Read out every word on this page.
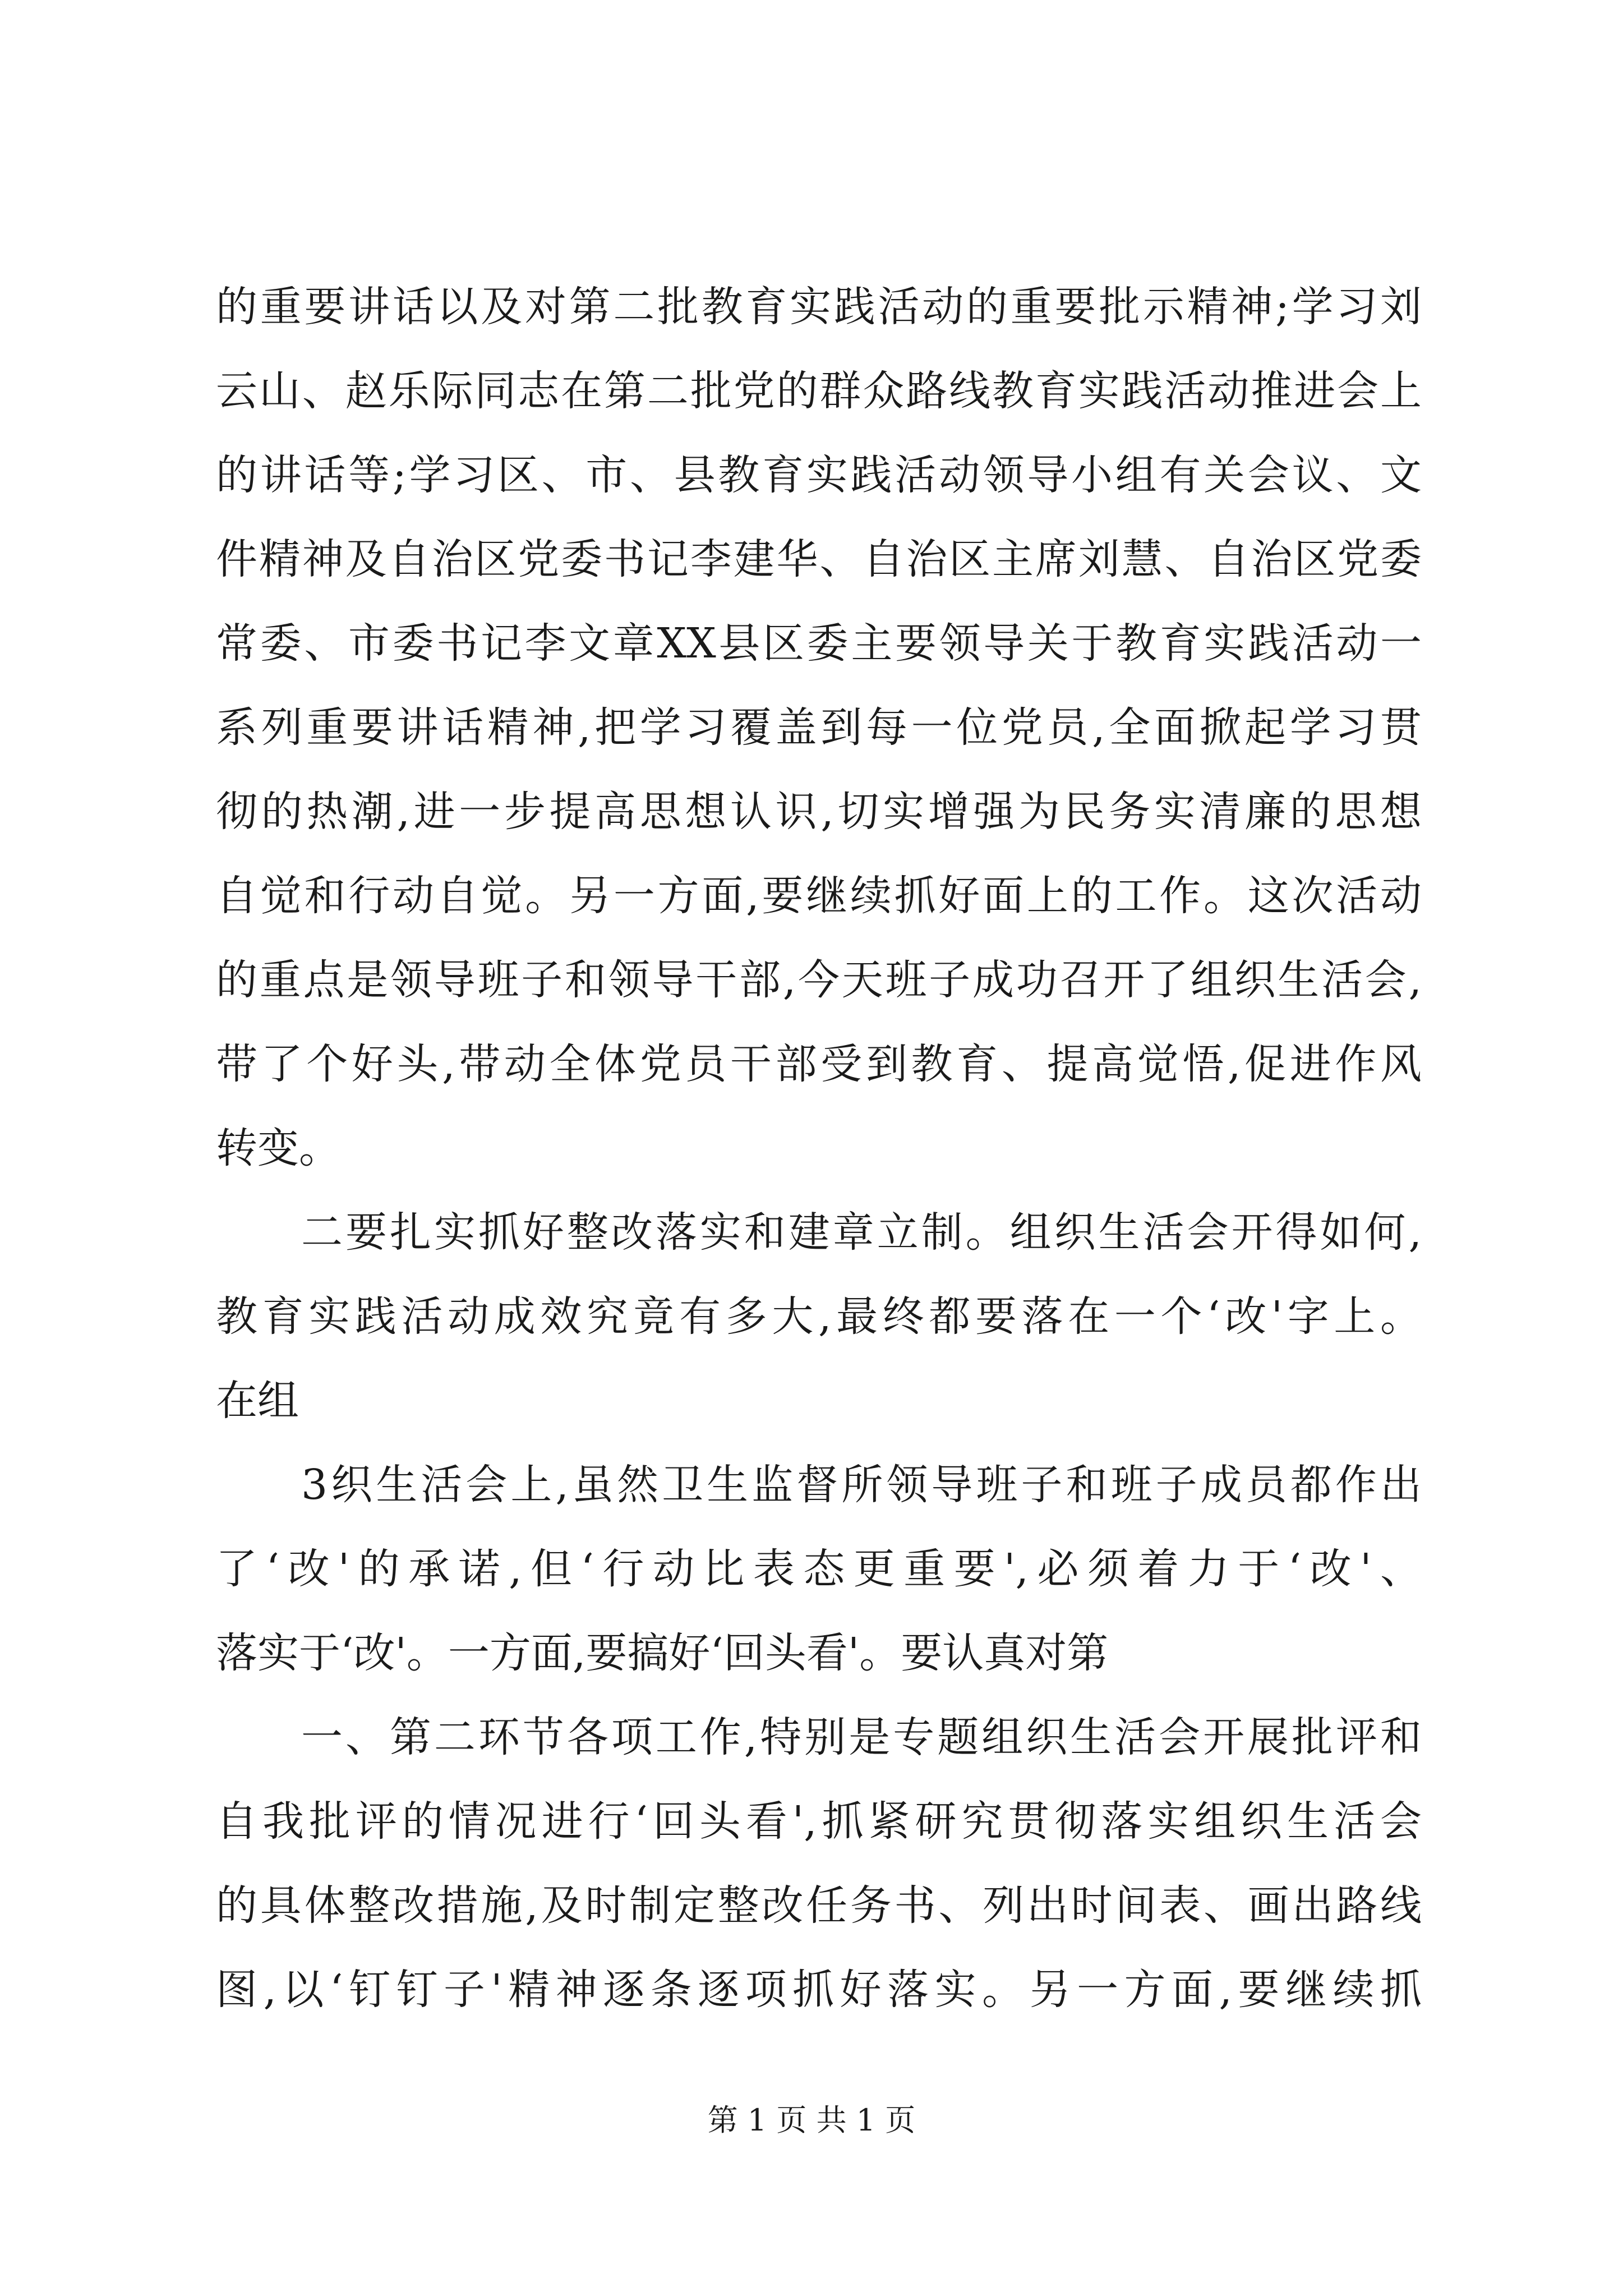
的重要讲话以及对第二批教育实践活动的重要批示精神;学习刘
云山、赵乐际同志在第二批党的群众路线教育实践活动推进会上
的讲话等;学习区、市、县教育实践活动领导小组有关会议、文
件精神及自治区党委书记李建华、自治区主席刘慧、自治区党委
常委、市委书记李文章XX县区委主要领导关于教育实践活动一
系列重要讲话精神,把学习覆盖到每一位党员,全面掀起学习贯
彻的热潮,进一步提高思想认识,切实增强为民务实清廉的思想
自觉和行动自觉。另一方面,要继续抓好面上的工作。这次活动
的重点是领导班子和领导干部,今天班子成功召开了组织生活会,
带了个好头,带动全体党员干部受到教育、提高觉悟,促进作风
转变。
二要扎实抓好整改落实和建章立制。组织生活会开得如何,
教育实践活动成效究竟有多大,最终都要落在一个‘改'字上。
在组
3织生活会上,虽然卫生监督所领导班子和班子成员都作出
了‘改'的承诺,但‘行动比表态更重要',必须着力于‘改'、
落实于‘改'。一方面,要搞好‘回头看'。要认真对第
一、第二环节各项工作,特别是专题组织生活会开展批评和
自我批评的情况进行‘回头看',抓紧研究贯彻落实组织生活会
的具体整改措施,及时制定整改任务书、列出时间表、画出路线
图,以‘钉钉子'精神逐条逐项抓好落实。另一方面,要继续抓
第 1 页 共 1 页
